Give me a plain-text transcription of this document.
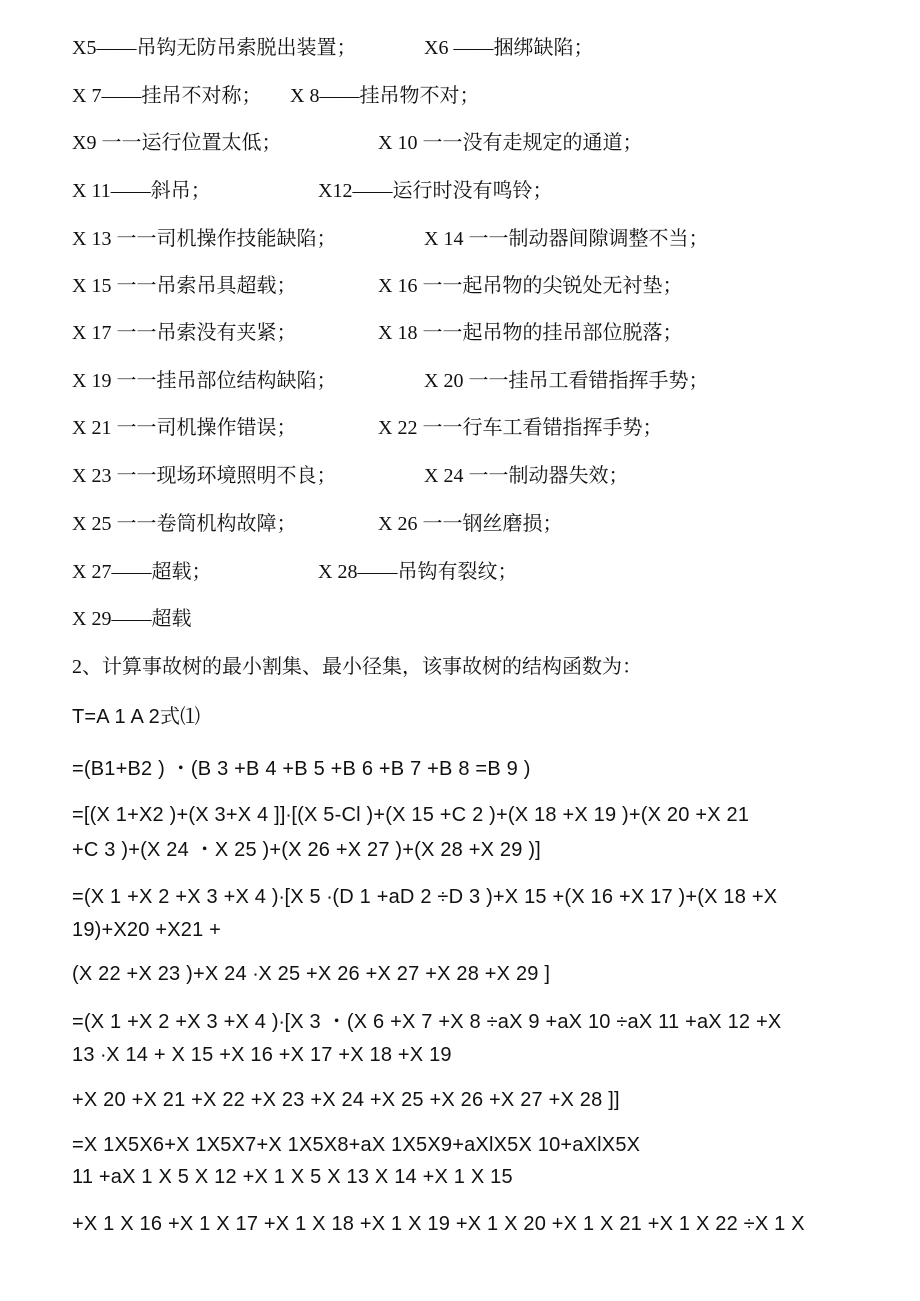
X5——吊钩无防吊索脱出装置；	X6 ——捆绑缺陷；
X 7——挂吊不对称； X 8——挂吊物不对；
X9 一一运行位置太低；	X 10 一一没有走规定的通道；
X 11——斜吊；	X12——运行时没有鸣铃；
X 13 一一司机操作技能缺陷；	X 14 一一制动器间隙调整不当；
X 15 一一吊索吊具超载；	X 16 一一起吊物的尖锐处无衬垫；
X 17 一一吊索没有夹紧；	X 18 一一起吊物的挂吊部位脱落；
X 19 一一挂吊部位结构缺陷；	X 20 一一挂吊工看错指挥手势；
X 21 一一司机操作错误；	X 22 一一行车工看错指挥手势；
X 23 一一现场环境照明不良；	X 24 一一制动器失效；
X 25 一一卷筒机构故障；	X 26 一一钢丝磨损；
X 27——超载；	X 28——吊钩有裂纹；
X 29——超载
2、计算事故树的最小割集、最小径集，该事故树的结构函数为：
T=A 1 A 2式⑴
=(B1+B2 ) ・(B 3 +B 4 +B 5 +B 6 +B 7 +B 8 =B 9 )
=[(X 1+X2 )+(X 3+X 4 ]]∙[(X 5-Cl )+(X 15 +C 2 )+(X 18 +X 19 )+(X 20 +X 21
+C 3 )+(X 24 ・X 25 )+(X 26 +X 27 )+(X 28 +X 29 )]
=(X 1 +X 2 +X 3 +X 4 )∙[X 5 ∙(D 1 +aD 2 ÷D 3 )+X 15 +(X 16 +X 17 )+(X 18 +X
19)+X20 +X21 +
(X 22 +X 23 )+X 24 ∙X 25 +X 26 +X 27 +X 28 +X 29 ]
=(X 1 +X 2 +X 3 +X 4 )∙[X 3 ・(X 6 +X 7 +X 8 ÷aX 9 +aX 10 ÷aX 11 +aX 12 +X
13 ∙X 14 + X 15 +X 16 +X 17 +X 18 +X 19
+X 20 +X 21 +X 22 +X 23 +X 24 +X 25 +X 26 +X 27 +X 28 ]]
=X 1X5X6+X 1X5X7+X 1X5X8+aX 1X5X9+aXlX5X 10+aXlX5X
11 +aX 1 X 5 X 12 +X 1 X 5 X 13 X 14 +X 1 X 15
+X 1 X 16 +X 1 X 17 +X 1 X 18 +X 1 X 19 +X 1 X 20 +X 1 X 21 +X 1 X 22 ÷X 1 X
